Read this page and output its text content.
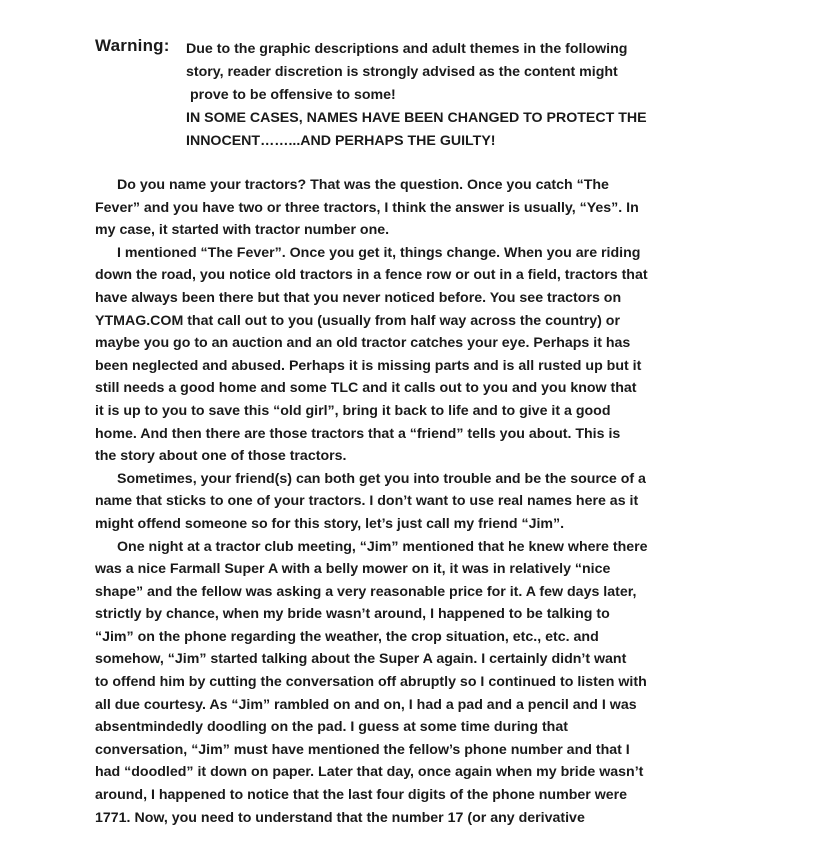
Warning: Due to the graphic descriptions and adult themes in the following
story, reader discretion is strongly advised as the content might
prove to be offensive to some!
IN SOME CASES, NAMES HAVE BEEN CHANGED TO PROTECT THE
INNOCENT……...AND PERHAPS THE GUILTY!
Do you name your tractors? That was the question. Once you catch “The
Fever” and you have two or three tractors, I think the answer is usually, “Yes”. In
my case, it started with tractor number one.
I mentioned “The Fever”. Once you get it, things change. When you are riding
down the road, you notice old tractors in a fence row or out in a field, tractors that
have always been there but that you never noticed before. You see tractors on
YTMAG.COM that call out to you (usually from half way across the country) or
maybe you go to an auction and an old tractor catches your eye. Perhaps it has
been neglected and abused. Perhaps it is missing parts and is all rusted up but it
still needs a good home and some TLC and it calls out to you and you know that
it is up to you to save this “old girl”, bring it back to life and to give it a good
home. And then there are those tractors that a “friend” tells you about. This is
the story about one of those tractors.
Sometimes, your friend(s) can both get you into trouble and be the source of a
name that sticks to one of your tractors. I don’t want to use real names here as it
might offend someone so for this story, let’s just call my friend “Jim”.
One night at a tractor club meeting, “Jim” mentioned that he knew where there
was a nice Farmall Super A with a belly mower on it, it was in relatively “nice
shape” and the fellow was asking a very reasonable price for it. A few days later,
strictly by chance, when my bride wasn’t around, I happened to be talking to
“Jim” on the phone regarding the weather, the crop situation, etc., etc. and
somehow, “Jim” started talking about the Super A again. I certainly didn’t want
to offend him by cutting the conversation off abruptly so I continued to listen with
all due courtesy. As “Jim” rambled on and on, I had a pad and a pencil and I was
absentmindedly doodling on the pad. I guess at some time during that
conversation, “Jim” must have mentioned the fellow’s phone number and that I
had “doodled” it down on paper. Later that day, once again when my bride wasn’t
around, I happened to notice that the last four digits of the phone number were
1771. Now, you need to understand that the number 17 (or any derivative
